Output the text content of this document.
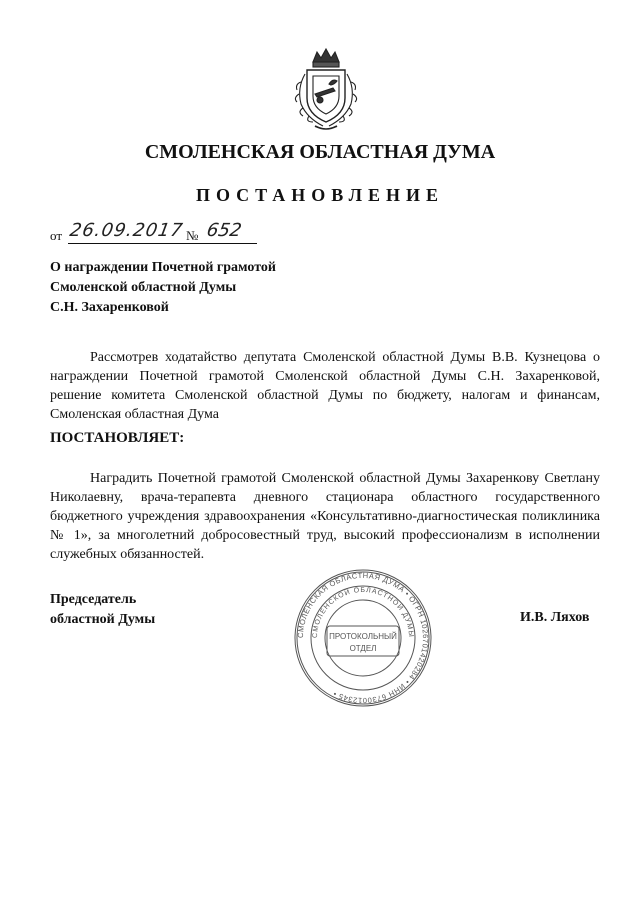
СМОЛЕНСКАЯ ОБЛАСТНАЯ ДУМА
ПОСТАНОВЛЕНИЕ
от 26.09.2017 № 652
О награждении Почетной грамотой
Смоленской областной Думы
С.Н. Захаренковой
Рассмотрев ходатайство депутата Смоленской областной Думы В.В. Кузнецова о награждении Почетной грамотой Смоленской областной Думы С.Н. Захаренковой, решение комитета Смоленской областной Думы по бюджету, налогам и финансам, Смоленская областная Дума
ПОСТАНОВЛЯЕТ:
Наградить Почетной грамотой Смоленской областной Думы Захаренкову Светлану Николаевну, врача-терапевта дневного стационара областного государственного бюджетного учреждения здравоохранения «Консультативно-диагностическая поликлиника № 1», за многолетний добросовестный труд, высокий профессионализм в исполнении служебных обязанностей.
Председатель
областной Думы	И.В. Ляхов
СМОЛЕНСКАЯ ОБЛАСТНАЯ ДУМА • ОГРН 1026701420284 • ИНН 6730012345 •
СМОЛЕНСКОЙ ОБЛАСТНОЙ ДУМЫ
ПРОТОКОЛЬНЫЙ
ОТДЕЛ
